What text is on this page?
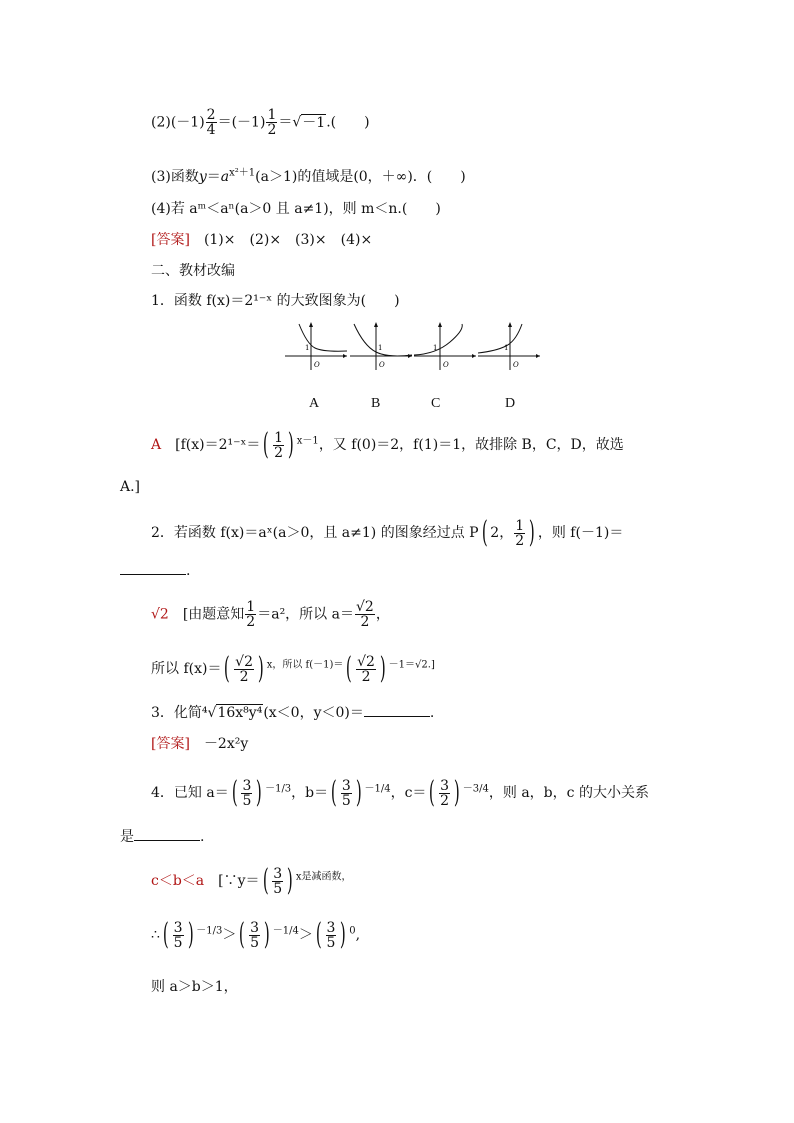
$(2)(-1) \frac{2}{4} =(-1) \frac{1}{2} =√-1$.(　　)
(3)函数$y=a^{x^2+1}(a>1)$的值域是(0，＋∞)．(　　)
(4)若 aᵐ＜aⁿ(a＞0 且 a≠1)，则 m＜n.(　　)
[答案]　 (1)×　(2)×　(3)×　(4)×
二、教材改编
1．函数 f(x)＝2¹⁻ˣ 的大致图象为(　　)
O
1
O
1
O
1
O
1
A	B	C	D
A　 [f(x)＝2¹⁻ˣ＝( $\frac{1}{2}$ ) $^{x-1}$，又 f(0)＝2，f(1)＝1，故排除 B，C，D，故选
A.]
2．若函数 f(x)＝aˣ(a＞0，且 a≠1) 的图象经过点 P( 2， $\frac{1}{2}$ ) ，则 f(－1)＝
.
√2　 [由题意知 $\frac{1}{2} =a^2$，所以 $a= \frac{√2}{2}$ ，
所以 $f(x)=( \frac{√2}{2}$ ) $^{x,所以 f(-1)=}( \frac{√2}{2}$ ) $^{-1=√2.]}$
3．化简⁴√16x⁸y⁴(x＜0，y＜0)＝	.
[答案]　 －2x²y
4．已知 $a=( \frac{3}{5}$ ) $^{-1/3}$，$b=( \frac{3}{5}$ ) $^{-1/4}$，$c=( \frac{3}{2}$ ) $^{-3/4}$，则 a，b，c 的大小关系
是	.
c＜b＜a　 [∵y＝( $\frac{3}{5}$ ) $^{x是减函数,}$
∴( $\frac{3}{5}$ ) $^{-1/3}>( \frac{3}{5}$ ) $^{-1/4}>( \frac{3}{5}$ ) $^0$,
则 a＞b＞1，
